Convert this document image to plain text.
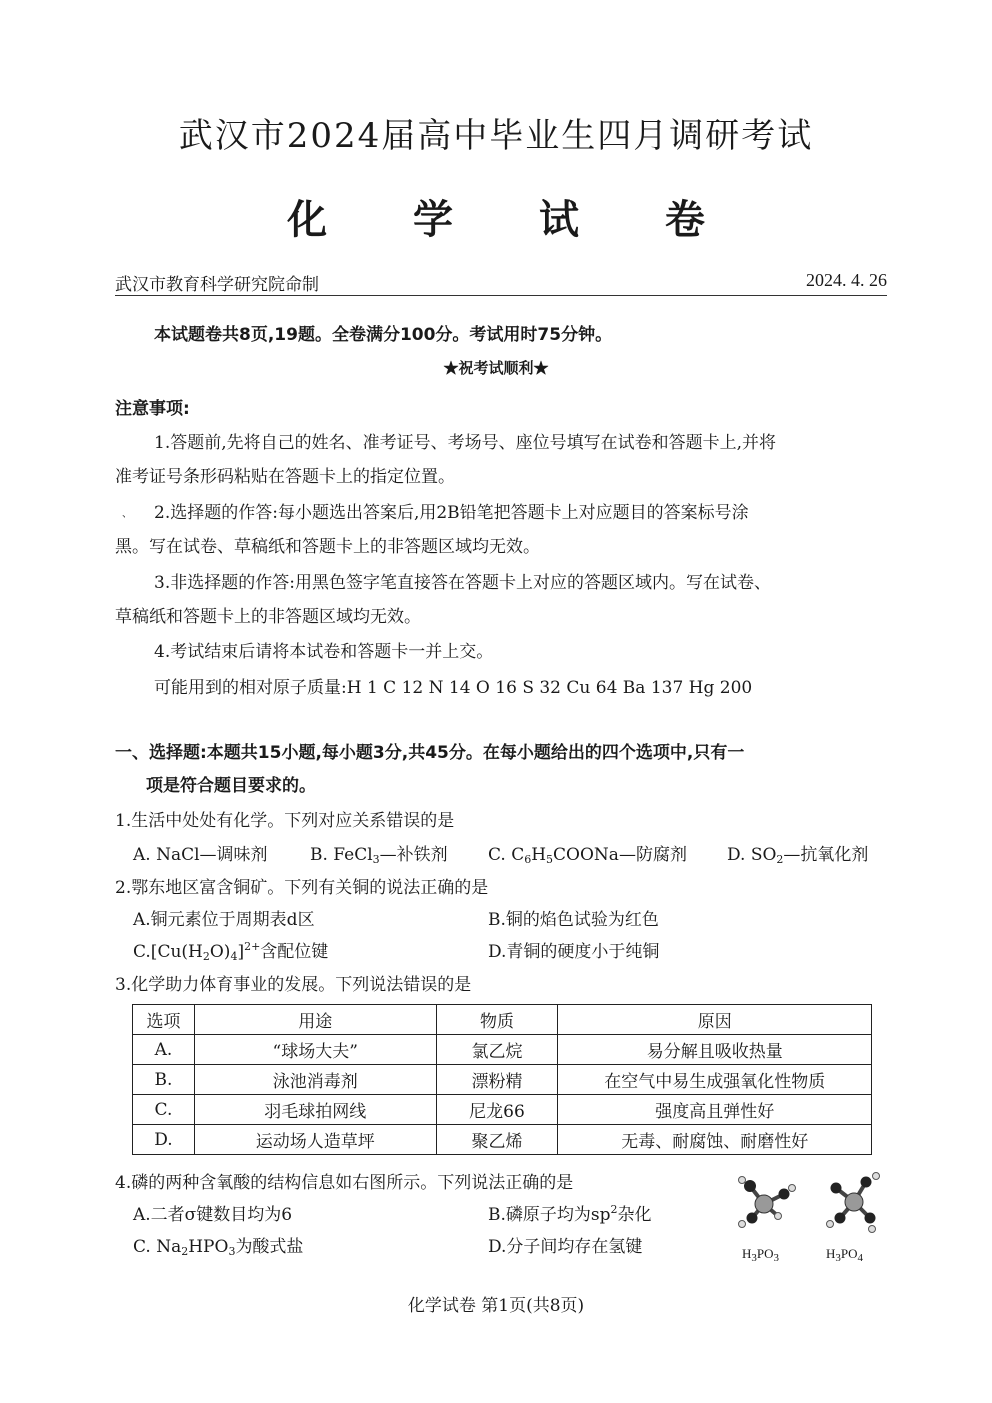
武汉市2024届高中毕业生四月调研考试
化 学 试 卷
武汉市教育科学研究院命制	2024. 4. 26
本试题卷共8页,19题。全卷满分100分。考试用时75分钟。
★祝考试顺利★
注意事项:
1.答题前,先将自己的姓名、准考证号、考场号、座位号填写在试卷和答题卡上,并将
准考证号条形码粘贴在答题卡上的指定位置。
、 2.选择题的作答:每小题选出答案后,用2B铅笔把答题卡上对应题目的答案标号涂
黑。写在试卷、草稿纸和答题卡上的非答题区域均无效。
3.非选择题的作答:用黑色签字笔直接答在答题卡上对应的答题区域内。写在试卷、
草稿纸和答题卡上的非答题区域均无效。
4.考试结束后请将本试卷和答题卡一并上交。
可能用到的相对原子质量:H 1 C 12 N 14 O 16 S 32 Cu 64 Ba 137 Hg 200
一、选择题:本题共15小题,每小题3分,共45分。在每小题给出的四个选项中,只有一
项是符合题目要求的。
1.生活中处处有化学。下列对应关系错误的是
A. NaCl—调味剂 B. FeCl$_3$—补铁剂 C. $C_6H_5COONa—$防腐剂 D. $SO_2—$抗氧化剂
2.鄂东地区富含铜矿。下列有关铜的说法正确的是
A.铜元素位于周期表d区	B.铜的焰色试验为红色
$C.[Cu(H_2O)_4]^{2+}$含配位键	D.青铜的硬度小于纯铜
3.化学助力体育事业的发展。下列说法错误的是
选项	用途	物质	原因
A.	“球场大夫”	氯乙烷	易分解且吸收热量
B.	泳池消毒剂	漂粉精	在空气中易生成强氧化性物质
C.	羽毛球拍网线	尼龙66	强度高且弹性好
D.	运动场人造草坪	聚乙烯	无毒、耐腐蚀、耐磨性好
4.磷的两种含氧酸的结构信息如右图所示。下列说法正确的是
A.二者σ键数目均为6	B.磷原子均为$sp^2$杂化
C. $Na_2HPO_3$为酸式盐	D.分子间均存在氢键	$H_3PO_3$	$H_3PO_4$
化学试卷 第1页(共8页)
